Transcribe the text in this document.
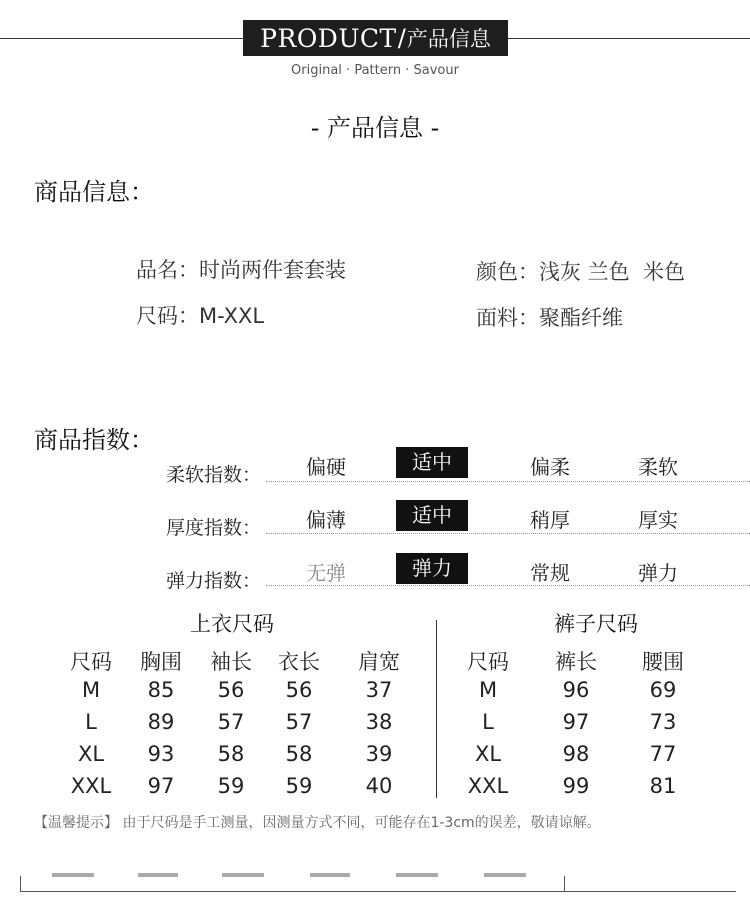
PRODUCT / 产品信息
Original · Pattern · Savour
- 产品信息 -
商品信息：
品名：时尚两件套套装
尺码：M-XXL
颜色：浅灰 兰色  米色
面料：聚酯纤维
商品指数：
柔软指数：	偏硬	适中	偏柔	柔软
厚度指数：	偏薄	适中	稍厚	厚实
弹力指数：	无弹	弹力	常规	弹力
上衣尺码	裤子尺码
尺码	胸围	袖长	衣长	肩宽
M	85	56	56	37
L	89	57	57	38
XL	93	58	58	39
XXL	97	59	59	40
尺码	裤长	腰围
M	96	69
L	97	73
XL	98	77
XXL	99	81
【温馨提示】 由于尺码是手工测量，因测量方式不同，可能存在1-3cm的误差，敬请谅解。
